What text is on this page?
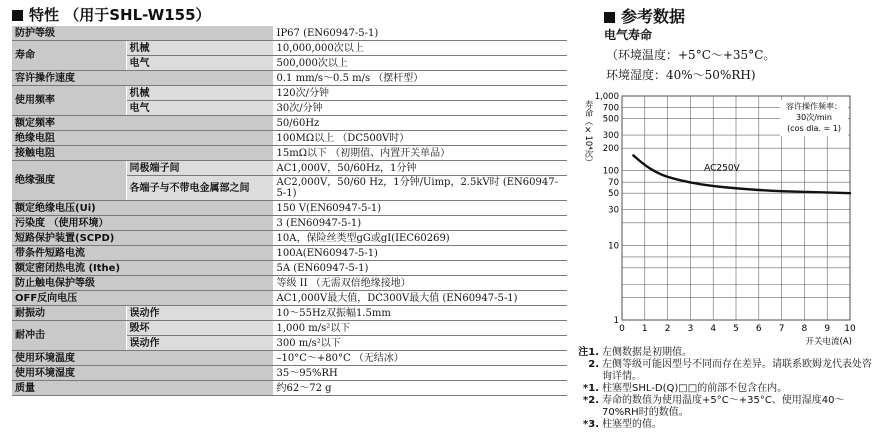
特性 （用于SHL-W155）
防护等级		IP67 (EN60947-5-1)
寿命	机械	10,000,000次以上
	电气	500,000次以上
容许操作速度		0.1 mm/s～0.5 m/s （摆杆型）
使用频率	机械	120次/分钟
	电气	30次/分钟
额定频率		50/60Hz
绝缘电阻		100MΩ以上 （DC500V时）
接触电阻		15mΩ以下 （初期值、内置开关单品）
绝缘强度	同极端子间	AC1,000V，50/60Hz，1分钟
	各端子与不带电金属部之间	AC2,000V，50/60 Hz，1分钟/Uimp，2.5kV时 (EN60947-5-1)
额定绝缘电压(Ui)		150 V(EN60947-5-1)
污染度 （使用环境）		3 (EN60947-5-1)
短路保护装置(SCPD)		10A，保险丝类型gG或gI(IEC60269)
带条件短路电流		100A(EN60947-5-1)
额定密闭热电流 (Ithe)		5A (EN60947-5-1)
防止触电保护等级		等级 II （无需双倍绝缘接地）
OFF反向电压		AC1,000V最大值，DC300V最大值 (EN60947-5-1)
耐振动	误动作	10～55Hz双振幅1.5mm
耐冲击	毁坏	1,000 m/s²以下
	误动作	300 m/s²以下
使用环境温度		–10°C～+80°C （无结冰）
使用环境湿度		35～95%RH
质量		约62～72 g
参考数据
电气寿命
（环境温度：+5°C～+35°C。
环境湿度：40%～50%RH)
0 1 2 3 4 5 6 7 8 9 10
1
10
30
50
70
100
200
300
500
700
1,000
寿命（×10⁴次）
开关电流(A)
容许操作频率：
30次/min
(cos dia. = 1)
AC250V
注1. 左侧数据是初期值。
2. 左侧等级可能因型号不同而存在差异。请联系欧姆龙代表处咨询详情。
*1. 柱塞型SHL-D(Q)□□的前部不包含在内。
*2. 寿命的数值为使用温度+5°C～+35°C、使用湿度40～70%RH时的数值。
*3. 柱塞型的值。
